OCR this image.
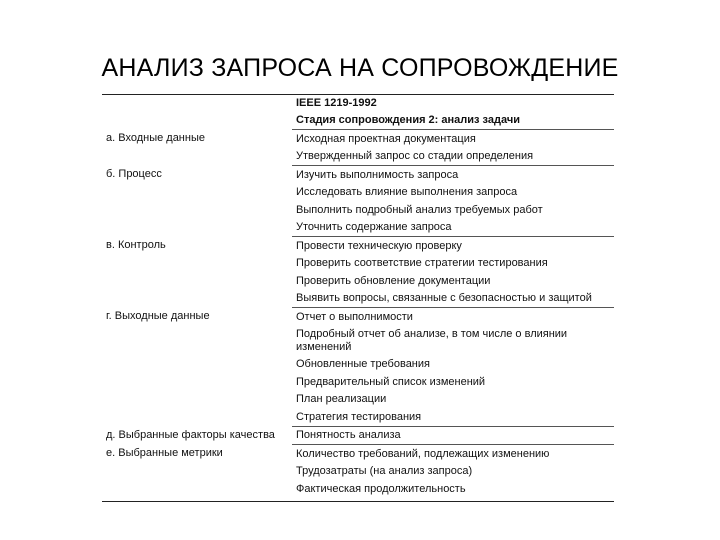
АНАЛИЗ ЗАПРОСА НА СОПРОВОЖДЕНИЕ
IEEE 1219-1992
Стадия сопровождения 2: анализ задачи
а. Входные данные	Исходная проектная документация
Утвержденный запрос со стадии определения
б. Процесс	Изучить выполнимость запроса
Исследовать влияние выполнения запроса
Выполнить подробный анализ требуемых работ
Уточнить содержание запроса
в. Контроль	Провести техническую проверку
Проверить соответствие стратегии тестирования
Проверить обновление документации
Выявить вопросы, связанные с безопасностью и защитой
г. Выходные данные	Отчет о выполнимости
Подробный отчет об анализе, в том числе о влиянии изменений
Обновленные требования
Предварительный список изменений
План реализации
Стратегия тестирования
д. Выбранные факторы качества	Понятность анализа
е. Выбранные метрики	Количество требований, подлежащих изменению
Трудозатраты (на анализ запроса)
Фактическая продолжительность
